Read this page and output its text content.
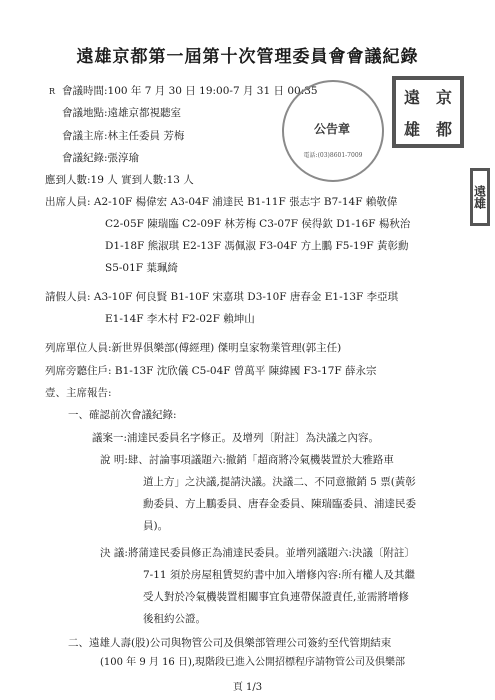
遠雄京都第一屆第十次管理委員會會議紀錄
R 會議時間:100 年 7 月 30 日 19:00-7 月 31 日 00:35
會議地點:遠雄京都視聽室
會議主席:林主任委員 芳梅
會議紀錄:張淳瑜
應到人數:19 人 實到人數:13 人
出席人員: A2-10F 楊偉宏 A3-04F 浦達民 B1-11F 張志宇 B7-14F 賴敬偉
C2-05F 陳瑞臨 C2-09F 林芳梅 C3-07F 侯得欽 D1-16F 楊秋治
D1-18F 熊淑琪 E2-13F 馮佩淑 F3-04F 方上鵬 F5-19F 黃彰勳
S5-01F 葉珮綺
請假人員: A3-10F 何良賢 B1-10F 宋嘉琪 D3-10F 唐春金 E1-13F 李亞琪
E1-14F 李木村 F2-02F 賴坤山
列席單位人員:新世界俱樂部(傅經理) 傑明皇家物業管理(郭主任)
列席旁聽住戶: B1-13F 沈欣儀 C5-04F 曾萬平 陳緯國 F3-17F 薛永宗
壹、主席報告:
一、確認前次會議紀錄:
議案一:浦達民委員名字修正。及增列〔附註〕為決議之內容。
說 明:肆、討論事項議題六:撤銷「超商將冷氣機裝置於大雅路車
道上方」之決議,提請決議。決議二、不同意撤銷 5 票(黃彰
勳委員、方上鵬委員、唐春金委員、陳瑞臨委員、浦達民委
員)。
決 議:將蒲達民委員修正為浦達民委員。並增列議題六:決議〔附註〕
7-11 須於房屋租賃契約書中加入增修內容:所有權人及其繼
受人對於冷氣機裝置相關事宜負連帶保證責任,並需將增修
後租約公證。
二、遠雄人壽(股)公司與物管公司及俱樂部管理公司簽約至代管期結束
(100 年 9 月 16 日),現階段已進入公開招標程序請物管公司及俱樂部
頁 1/3
公告章
電話:(03)8601-7009
遠 京
雄 都
遠雄
